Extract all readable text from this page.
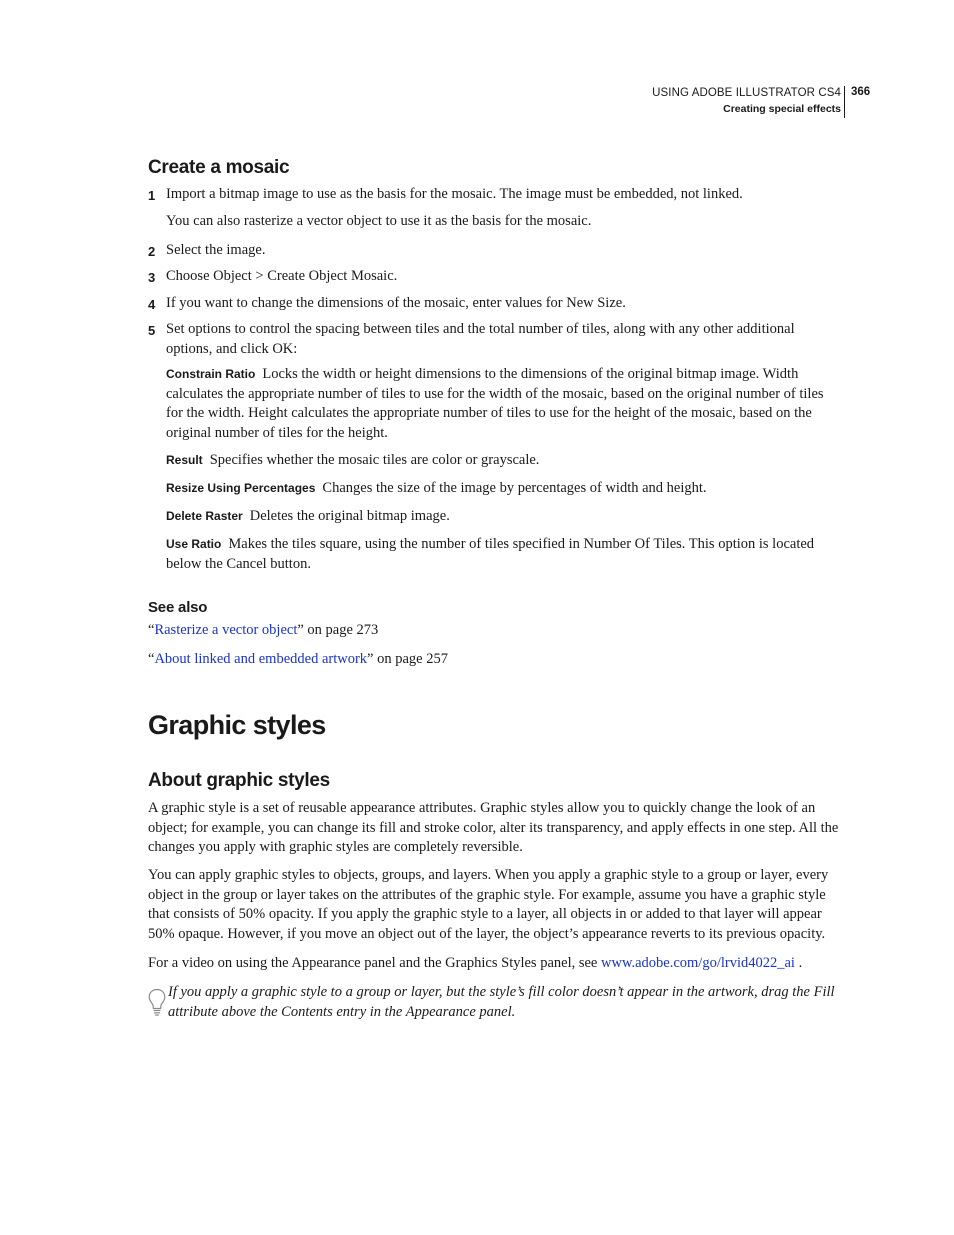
USING ADOBE ILLUSTRATOR CS4
Creating special effects
366
Create a mosaic
1 Import a bitmap image to use as the basis for the mosaic. The image must be embedded, not linked.
You can also rasterize a vector object to use it as the basis for the mosaic.
2 Select the image.
3 Choose Object > Create Object Mosaic.
4 If you want to change the dimensions of the mosaic, enter values for New Size.
5 Set options to control the spacing between tiles and the total number of tiles, along with any other additional options, and click OK:
Constrain Ratio Locks the width or height dimensions to the dimensions of the original bitmap image. Width calculates the appropriate number of tiles to use for the width of the mosaic, based on the original number of tiles for the width. Height calculates the appropriate number of tiles to use for the height of the mosaic, based on the original number of tiles for the height.
Result Specifies whether the mosaic tiles are color or grayscale.
Resize Using Percentages Changes the size of the image by percentages of width and height.
Delete Raster Deletes the original bitmap image.
Use Ratio Makes the tiles square, using the number of tiles specified in Number Of Tiles. This option is located below the Cancel button.
See also
“Rasterize a vector object” on page 273
“About linked and embedded artwork” on page 257
Graphic styles
About graphic styles
A graphic style is a set of reusable appearance attributes. Graphic styles allow you to quickly change the look of an object; for example, you can change its fill and stroke color, alter its transparency, and apply effects in one step. All the changes you apply with graphic styles are completely reversible.
You can apply graphic styles to objects, groups, and layers. When you apply a graphic style to a group or layer, every object in the group or layer takes on the attributes of the graphic style. For example, assume you have a graphic style that consists of 50% opacity. If you apply the graphic style to a layer, all objects in or added to that layer will appear 50% opaque. However, if you move an object out of the layer, the object’s appearance reverts to its previous opacity.
For a video on using the Appearance panel and the Graphics Styles panel, see www.adobe.com/go/lrvid4022_ai .
If you apply a graphic style to a group or layer, but the style’s fill color doesn’t appear in the artwork, drag the Fill attribute above the Contents entry in the Appearance panel.
